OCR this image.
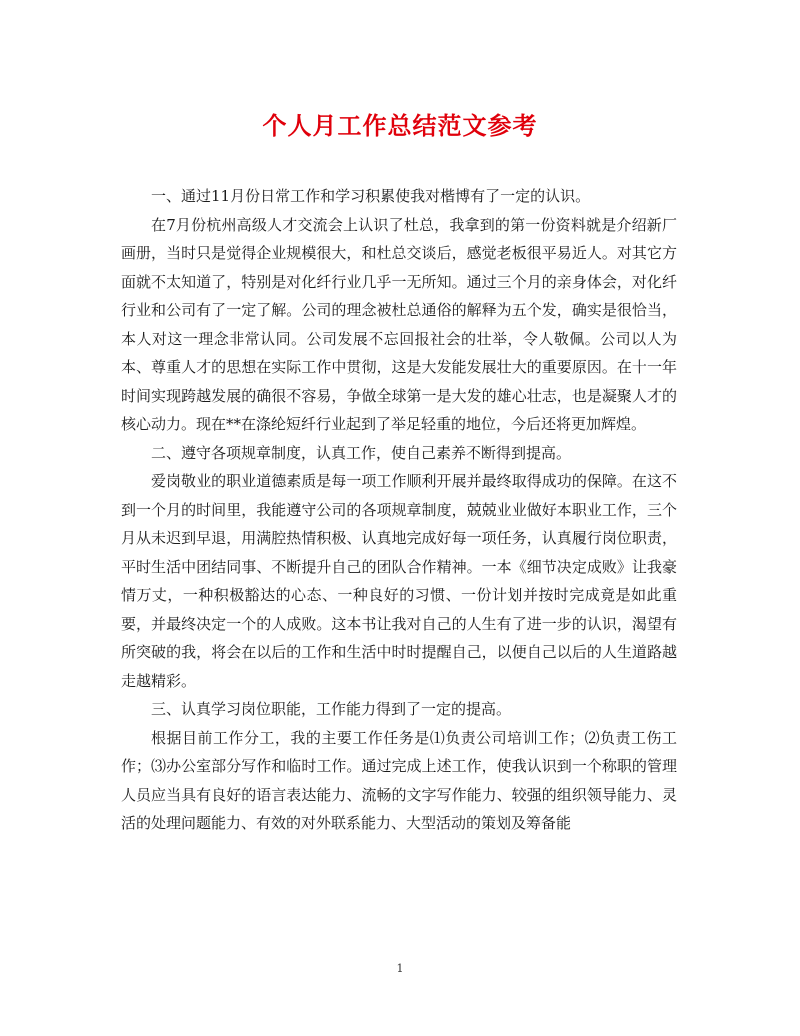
个人月工作总结范文参考

一、通过11月份日常工作和学习积累使我对楷博有了一定的认识。

在7月份杭州高级人才交流会上认识了杜总，我拿到的第一份资料就是介绍新厂画册，当时只是觉得企业规模很大，和杜总交谈后，感觉老板很平易近人。对其它方面就不太知道了，特别是对化纤行业几乎一无所知。通过三个月的亲身体会，对化纤行业和公司有了一定了解。公司的理念被杜总通俗的解释为五个发，确实是很恰当，本人对这一理念非常认同。公司发展不忘回报社会的壮举，令人敬佩。公司以人为本、尊重人才的思想在实际工作中贯彻，这是大发能发展壮大的重要原因。在十一年时间实现跨越发展的确很不容易，争做全球第一是大发的雄心壮志，也是凝聚人才的核心动力。现在**在涤纶短纤行业起到了举足轻重的地位，今后还将更加辉煌。

二、遵守各项规章制度，认真工作，使自己素养不断得到提高。

爱岗敬业的职业道德素质是每一项工作顺利开展并最终取得成功的保障。在这不到一个月的时间里，我能遵守公司的各项规章制度，兢兢业业做好本职业工作，三个月从未迟到早退，用满腔热情积极、认真地完成好每一项任务，认真履行岗位职责，平时生活中团结同事、不断提升自己的团队合作精神。一本《细节决定成败》让我豪情万丈，一种积极豁达的心态、一种良好的习惯、一份计划并按时完成竟是如此重要，并最终决定一个的人成败。这本书让我对自己的人生有了进一步的认识，渴望有所突破的我，将会在以后的工作和生活中时时提醒自己，以便自己以后的人生道路越走越精彩。

三、认真学习岗位职能，工作能力得到了一定的提高。

根据目前工作分工，我的主要工作任务是⑴负责公司培训工作；⑵负责工伤工作；⑶办公室部分写作和临时工作。通过完成上述工作，使我认识到一个称职的管理人员应当具有良好的语言表达能力、流畅的文字写作能力、较强的组织领导能力、灵活的处理问题能力、有效的对外联系能力、大型活动的策划及筹备能

1
